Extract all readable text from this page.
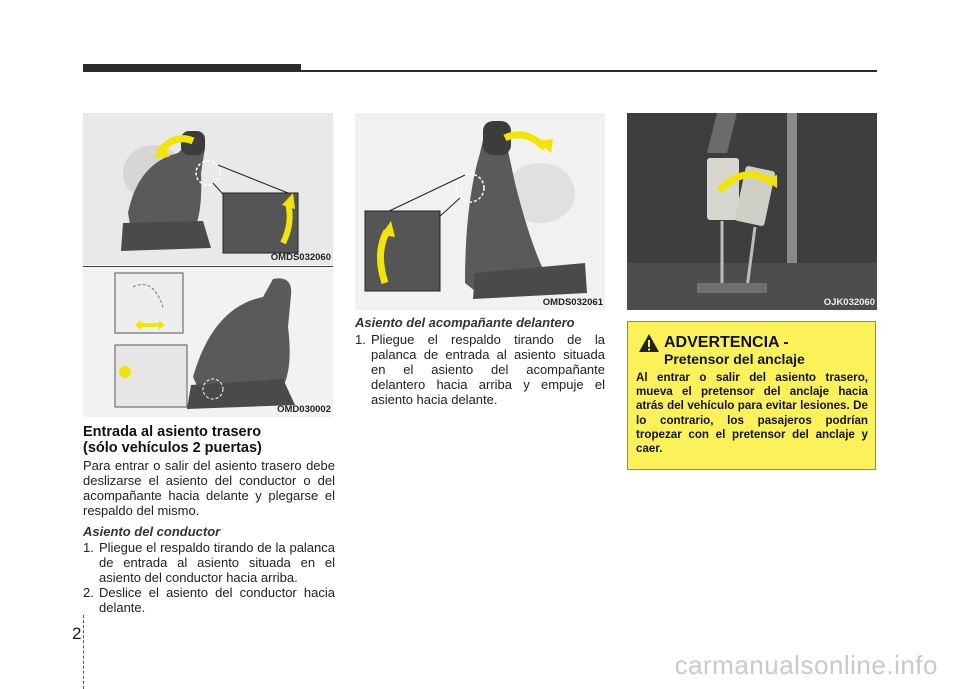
OMDS032060
OMD030002
Entrada al asiento trasero
(sólo vehículos 2 puertas)
Para entrar o salir del asiento trasero debe deslizarse el asiento del conductor o del acompañante hacia delante y plegarse el respaldo del mismo.
Asiento del conductor
1. Pliegue el respaldo tirando de la palanca de entrada al asiento situada en el asiento del conductor hacia arriba.
2. Deslice el asiento del conductor hacia delante.
OMDS032061
Asiento del acompañante delantero
1. Pliegue el respaldo tirando de la palanca de entrada al asiento situada en el asiento del acompañante delantero hacia arriba y empuje el asiento hacia delante.
OJK032060
ADVERTENCIA -
Pretensor del anclaje
Al entrar o salir del asiento trasero, mueva el pretensor del anclaje hacia atrás del vehículo para evitar lesiones. De lo contrario, los pasajeros podrían tropezar con el pretensor del anclaje y caer.
2
carmanualsonline.info
